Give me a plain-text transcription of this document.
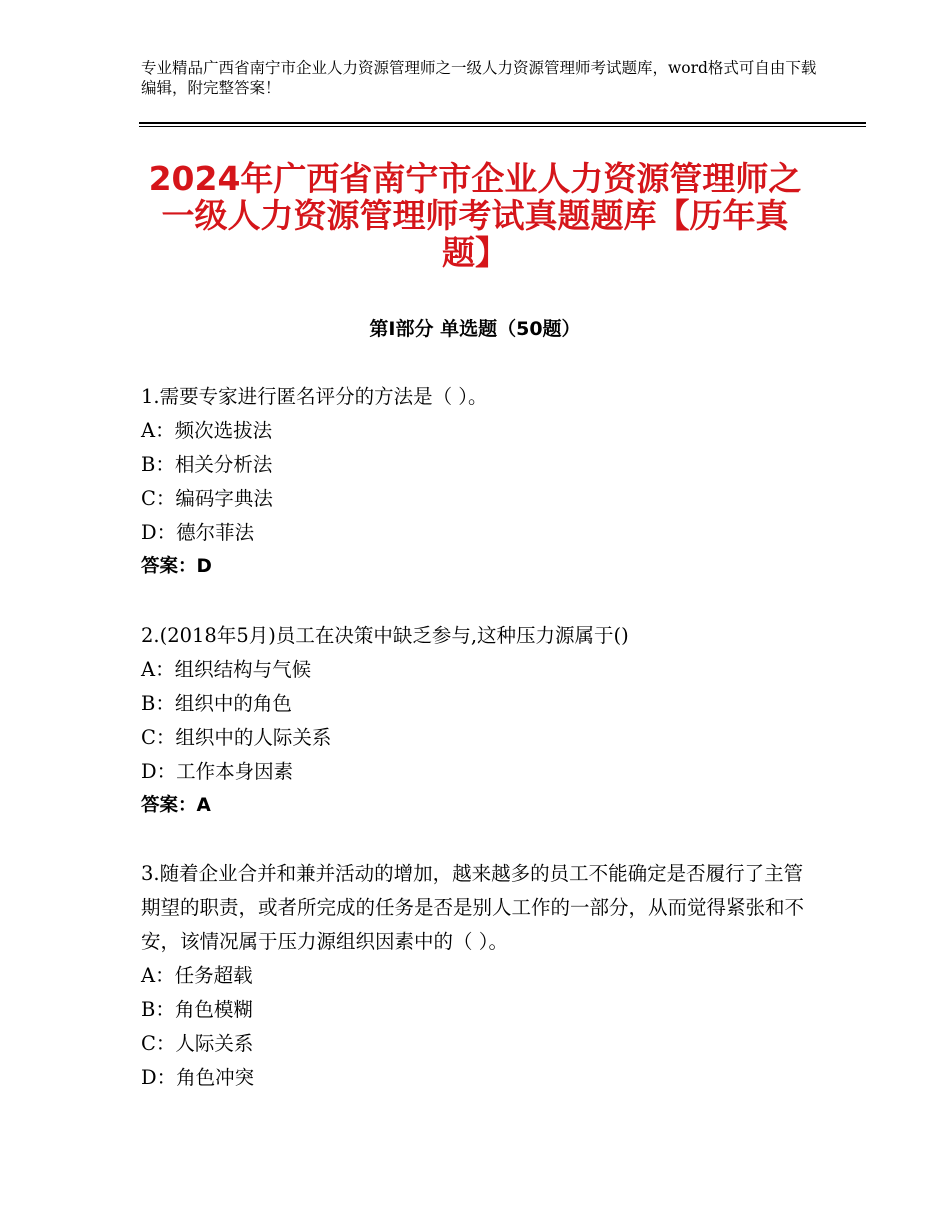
专业精品广西省南宁市企业人力资源管理师之一级人力资源管理师考试题库，word格式可自由下载编辑，附完整答案！
2024年广西省南宁市企业人力资源管理师之一级人力资源管理师考试真题题库【历年真题】
第Ⅰ部分 单选题（50题）
1.需要专家进行匿名评分的方法是（ ）。
A：频次选拔法
B：相关分析法
C：编码字典法
D：德尔菲法
答案：D
2.(2018年5月)员工在决策中缺乏参与,这种压力源属于()
A：组织结构与气候
B：组织中的角色
C：组织中的人际关系
D：工作本身因素
答案：A
3.随着企业合并和兼并活动的增加，越来越多的员工不能确定是否履行了主管期望的职责，或者所完成的任务是否是别人工作的一部分，从而觉得紧张和不安，该情况属于压力源组织因素中的（ ）。
A：任务超载
B：角色模糊
C：人际关系
D：角色冲突
